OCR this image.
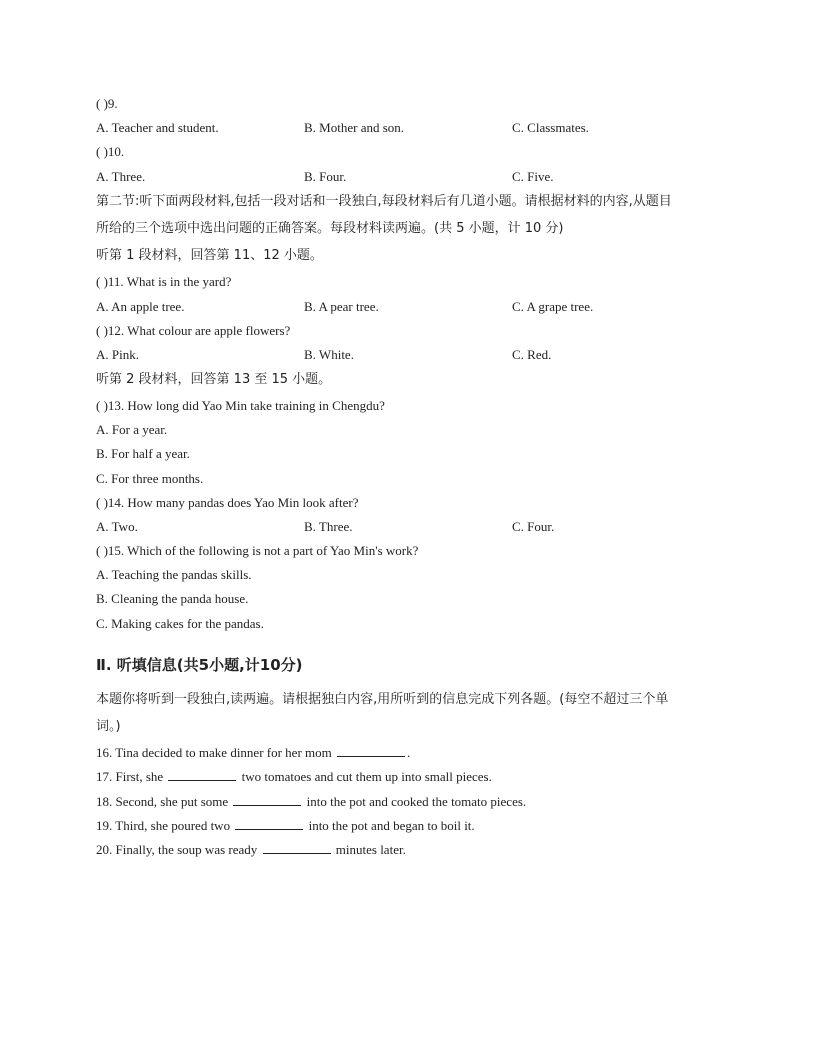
( )9.
A. Teacher and student.	B. Mother and son.	C. Classmates.
( )10.
A. Three.	B. Four.	C. Five.
第二节:听下面两段材料,包括一段对话和一段独白,每段材料后有几道小题。请根据材料的内容,从题目
所给的三个选项中选出问题的正确答案。每段材料读两遍。(共 5 小题，计 10 分)
听第 1 段材料，回答第 11、12 小题。
( )11. What is in the yard?
A. An apple tree.	B. A pear tree.	C. A grape tree.
( )12. What colour are apple flowers?
A. Pink.	B. White.	C. Red.
听第 2 段材料，回答第 13 至 15 小题。
( )13. How long did Yao Min take training in Chengdu?
A. For a year.
B. For half a year.
C. For three months.
( )14. How many pandas does Yao Min look after?
A. Two.	B. Three.	C. Four.
( )15. Which of the following is not a part of Yao Min's work?
A. Teaching the pandas skills.
B. Cleaning the panda house.
C. Making cakes for the pandas.
Ⅱ. 听填信息(共5小题,计10分)
本题你将听到一段独白,读两遍。请根据独白内容,用所听到的信息完成下列各题。(每空不超过三个单
词。)
16. Tina decided to make dinner for her mom	.
17. First, she	two tomatoes and cut them up into small pieces.
18. Second, she put some	into the pot and cooked the tomato pieces.
19. Third, she poured two	into the pot and began to boil it.
20. Finally, the soup was ready	minutes later.
